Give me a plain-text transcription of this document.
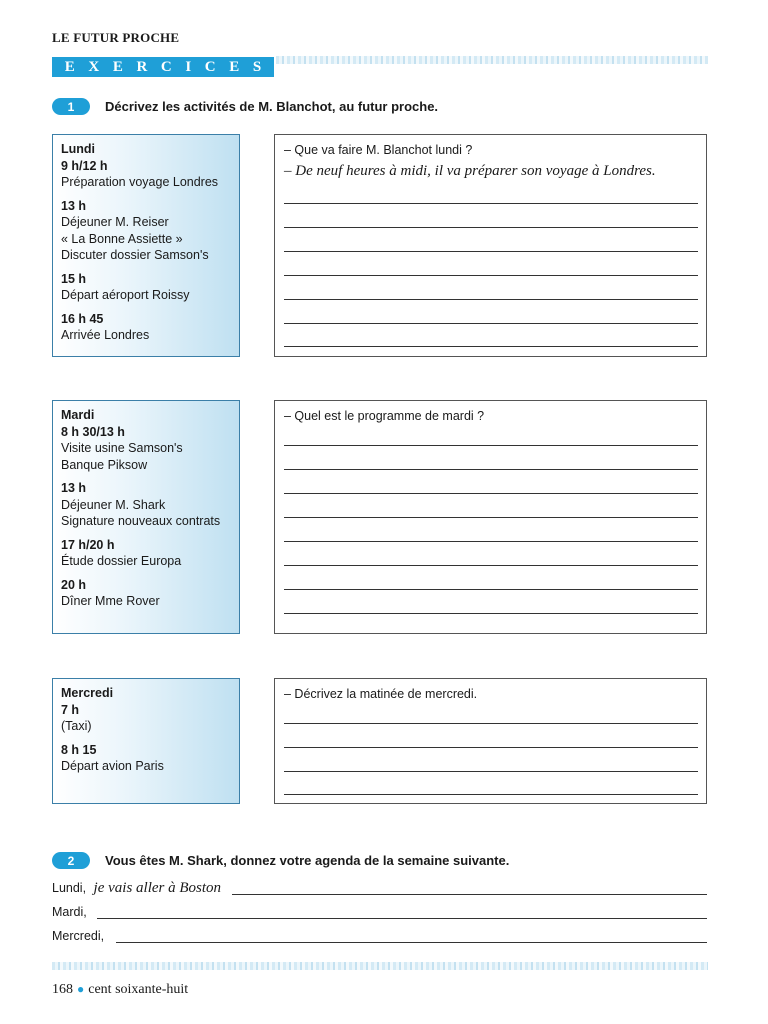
LE FUTUR PROCHE
E X E R C I C E S
1	Décrivez les activités de M. Blanchot, au futur proche.
Lundi
9 h/12 h
Préparation voyage Londres
13 h
Déjeuner M. Reiser
« La Bonne Assiette »
Discuter dossier Samson's
15 h
Départ aéroport Roissy
16 h 45
Arrivée Londres
– Que va faire M. Blanchot lundi ?
– De neuf heures à midi, il va préparer son voyage à Londres.
Mardi
8 h 30/13 h
Visite usine Samson's
Banque Piksow
13 h
Déjeuner M. Shark
Signature nouveaux contrats
17 h/20 h
Étude dossier Europa
20 h
Dîner Mme Rover
– Quel est le programme de mardi ?
Mercredi
7 h
(Taxi)
8 h 15
Départ avion Paris
– Décrivez la matinée de mercredi.
2	Vous êtes M. Shark, donnez votre agenda de la semaine suivante.
Lundi, je vais aller à Boston
Mardi,
Mercredi,
168 ● cent soixante-huit
